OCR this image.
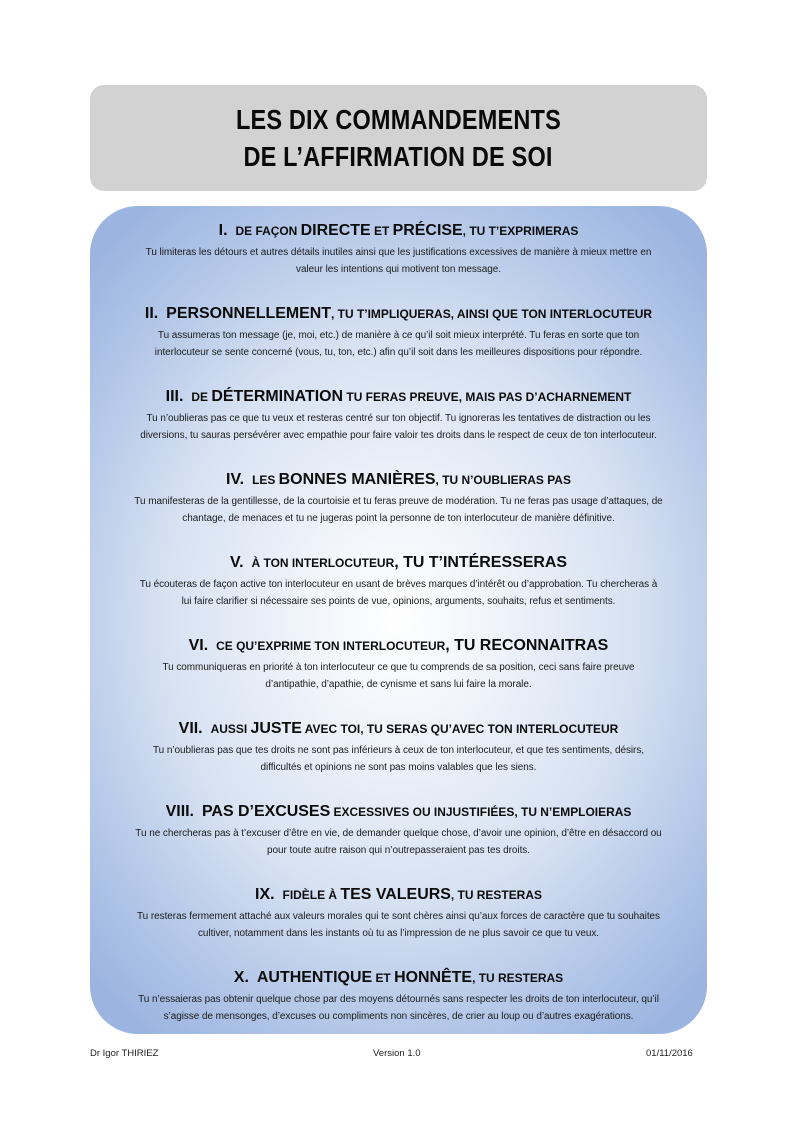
LES DIX COMMANDEMENTS
DE L’AFFIRMATION DE SOI
I. DE FAÇON DIRECTE ET PRÉCISE, TU T’EXPRIMERAS
Tu limiteras les détours et autres détails inutiles ainsi que les justifications excessives de manière à mieux mettre en
valeur les intentions qui motivent ton message.
II. PERSONNELLEMENT, TU T’IMPLIQUERAS, AINSI QUE TON INTERLOCUTEUR
Tu assumeras ton message (je, moi, etc.) de manière à ce qu’il soit mieux interprété. Tu feras en sorte que ton
interlocuteur se sente concerné (vous, tu, ton, etc.) afin qu’il soit dans les meilleures dispositions pour répondre.
III. DE DÉTERMINATION TU FERAS PREUVE, MAIS PAS D’ACHARNEMENT
Tu n’oublieras pas ce que tu veux et resteras centré sur ton objectif. Tu ignoreras les tentatives de distraction ou les
diversions, tu sauras persévérer avec empathie pour faire valoir tes droits dans le respect de ceux de ton interlocuteur.
IV. LES BONNES MANIÈRES, TU N’OUBLIERAS PAS
Tu manifesteras de la gentillesse, de la courtoisie et tu feras preuve de modération. Tu ne feras pas usage d’attaques, de
chantage, de menaces et tu ne jugeras point la personne de ton interlocuteur de manière définitive.
V. À TON INTERLOCUTEUR, TU T’INTÉRESSERAS
Tu écouteras de façon active ton interlocuteur en usant de brèves marques d’intérêt ou d’approbation. Tu chercheras à
lui faire clarifier si nécessaire ses points de vue, opinions, arguments, souhaits, refus et sentiments.
VI. CE QU’EXPRIME TON INTERLOCUTEUR, TU RECONNAITRAS
Tu communiqueras en priorité à ton interlocuteur ce que tu comprends de sa position, ceci sans faire preuve
d’antipathie, d’apathie, de cynisme et sans lui faire la morale.
VII. AUSSI JUSTE AVEC TOI, TU SERAS QU’AVEC TON INTERLOCUTEUR
Tu n’oublieras pas que tes droits ne sont pas inférieurs à ceux de ton interlocuteur, et que tes sentiments, désirs,
difficultés et opinions ne sont pas moins valables que les siens.
VIII. PAS D’EXCUSES EXCESSIVES OU INJUSTIFIÉES, TU N’EMPLOIERAS
Tu ne chercheras pas à t’excuser d’être en vie, de demander quelque chose, d’avoir une opinion, d’être en désaccord ou
pour toute autre raison qui n’outrepasseraient pas tes droits.
IX. FIDÈLE À TES VALEURS, TU RESTERAS
Tu resteras fermement attaché aux valeurs morales qui te sont chères ainsi qu’aux forces de caractère que tu souhaites
cultiver, notamment dans les instants où tu as l’impression de ne plus savoir ce que tu veux.
X. AUTHENTIQUE ET HONNÊTE, TU RESTERAS
Tu n’essaieras pas obtenir quelque chose par des moyens détournés sans respecter les droits de ton interlocuteur, qu’il
s’agisse de mensonges, d’excuses ou compliments non sincères, de crier au loup ou d’autres exagérations.
Dr Igor THIRIEZ	Version 1.0	01/11/2016
